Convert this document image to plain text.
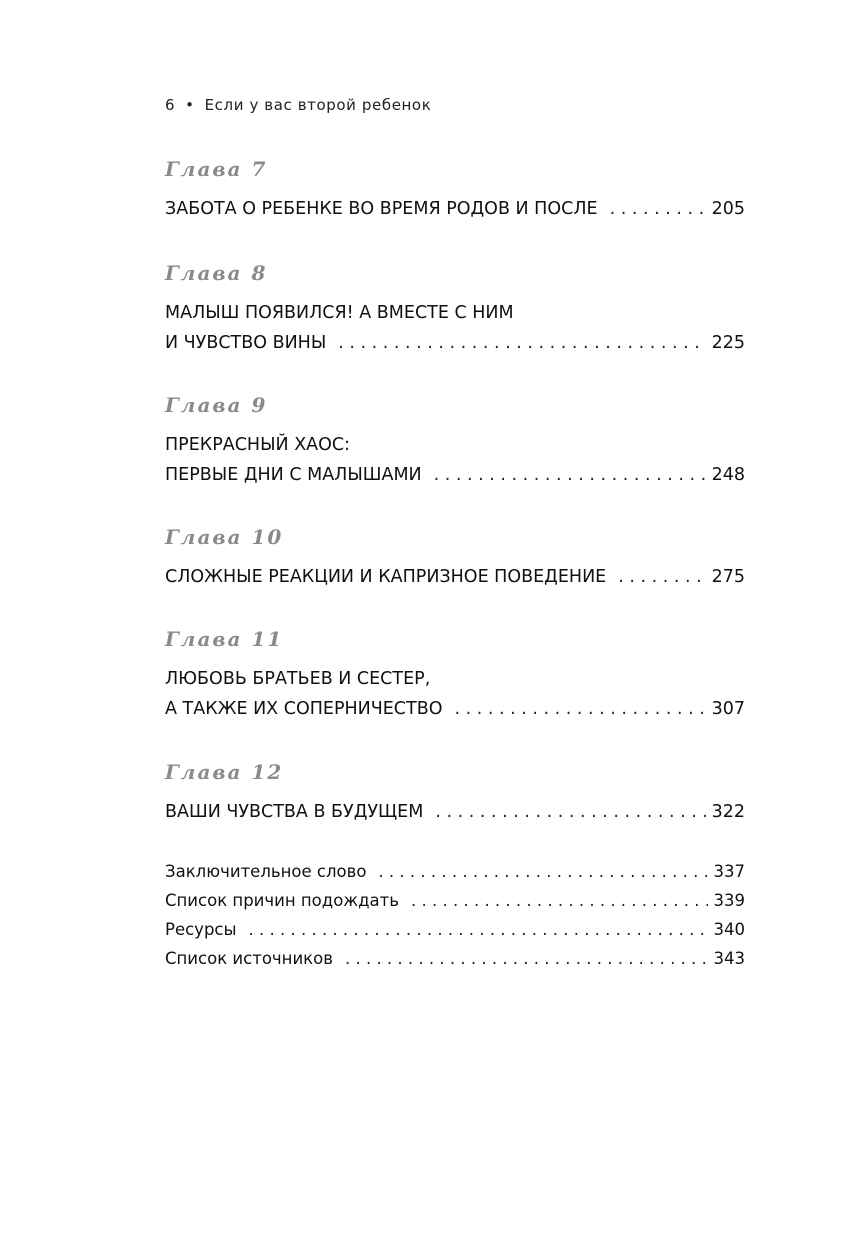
6 • Если у вас второй ребенок
Глава 7
ЗАБОТА О РЕБЕНКЕ ВО ВРЕМЯ РОДОВ И ПОСЛЕ . . .	205
Глава 8
МАЛЫШ ПОЯВИЛСЯ! А ВМЕСТЕ С НИМ
И ЧУВСТВО ВИНЫ . . .	225
Глава 9
ПРЕКРАСНЫЙ ХАОС:
ПЕРВЫЕ ДНИ С МАЛЫШАМИ . . .	248
Глава 10
СЛОЖНЫЕ РЕАКЦИИ И КАПРИЗНОЕ ПОВЕДЕНИЕ . . .	275
Глава 11
ЛЮБОВЬ БРАТЬЕВ И СЕСТЕР,
А ТАКЖЕ ИХ СОПЕРНИЧЕСТВО . . .	307
Глава 12
ВАШИ ЧУВСТВА В БУДУЩЕМ . . .	322
Заключительное слово . . .	337
Список причин подождать . . .	339
Ресурсы . . .	340
Список источников . . .	343
